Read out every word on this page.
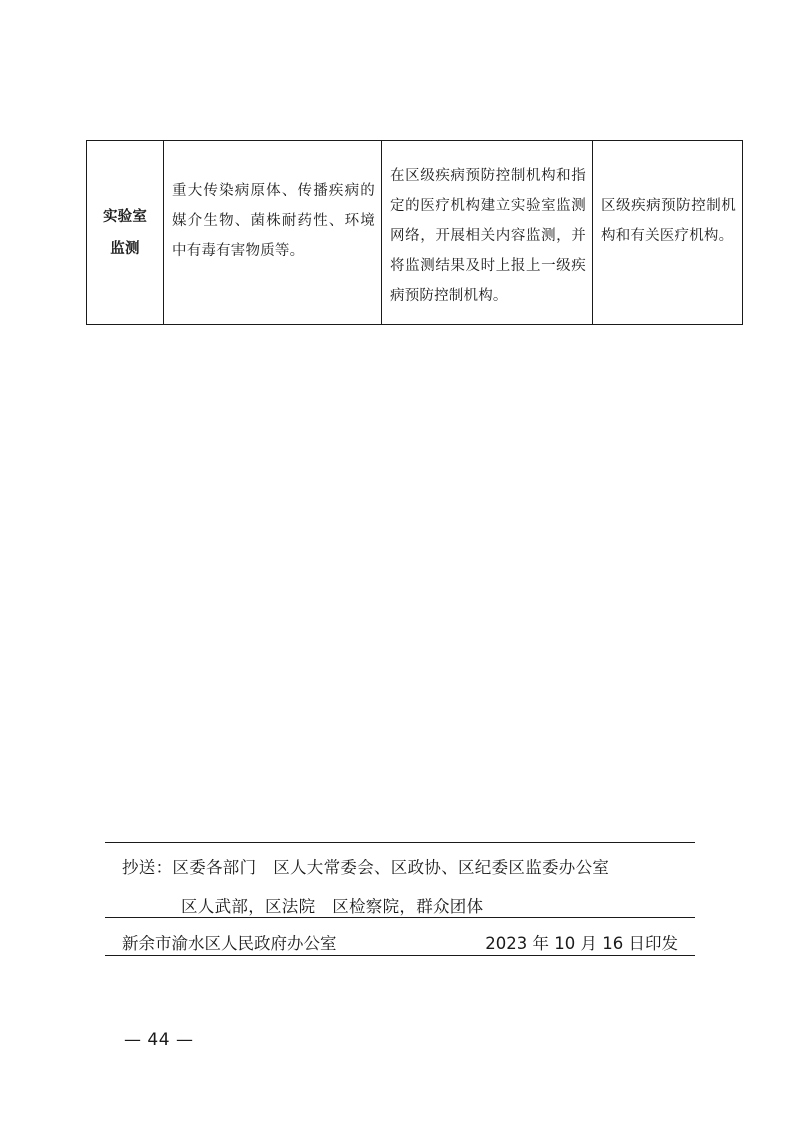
实验室
监测

重大传染病原体、传播疾病的媒介生物、菌株耐药性、环境中有毒有害物质等。

在区级疾病预防控制机构和指定的医疗机构建立实验室监测网络，开展相关内容监测，并将监测结果及时上报上一级疾病预防控制机构。

区级疾病预防控制机构和有关医疗机构。
抄送：区委各部门　区人大常委会、区政协、区纪委区监委办公室
区人武部，区法院　区检察院，群众团体
新余市渝水区人民政府办公室	2023 年 10 月 16 日印发
— 44 —
